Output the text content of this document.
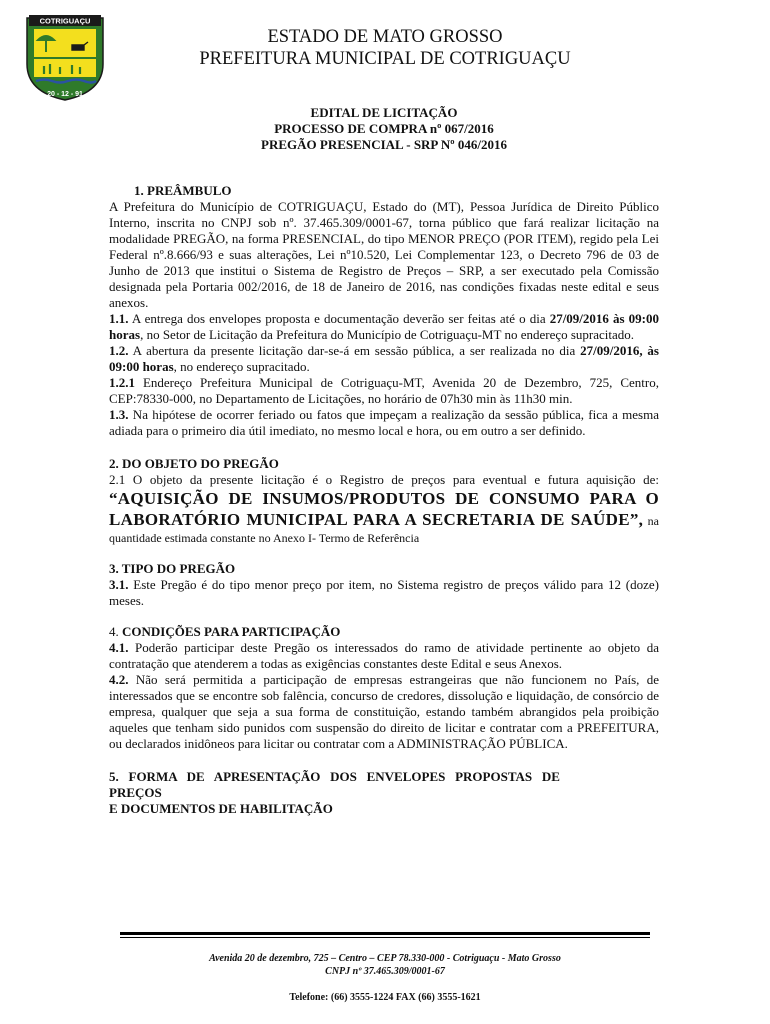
COTRIGUAÇU
20 - 12 - 91
ESTADO DE MATO GROSSO
PREFEITURA MUNICIPAL DE COTRIGUAÇU
EDITAL DE LICITAÇÃO
PROCESSO DE COMPRA nº 067/2016
PREGÃO PRESENCIAL - SRP Nº 046/2016

1. PREÂMBULO

A Prefeitura do Município de COTRIGUAÇU, Estado do (MT), Pessoa Jurídica de Direito Público Interno, inscrita no CNPJ sob nº. 37.465.309/0001-67, torna público que fará realizar licitação na modalidade PREGÃO, na forma PRESENCIAL, do tipo MENOR PREÇO (POR ITEM), regido pela Lei Federal nº.8.666/93 e suas alterações, Lei nº10.520, Lei Complementar 123, o Decreto 796 de 03 de Junho de 2013 que institui o Sistema de Registro de Preços – SRP, a ser executado pela Comissão designada pela Portaria 002/2016, de 18 de Janeiro de 2016, nas condições fixadas neste edital e seus anexos.

1.1. A entrega dos envelopes proposta e documentação deverão ser feitas até o dia 27/09/2016 às 09:00 horas, no Setor de Licitação da Prefeitura do Município de Cotriguaçu-MT no endereço supracitado.

1.2. A abertura da presente licitação dar-se-á em sessão pública, a ser realizada no dia 27/09/2016, às 09:00 horas, no endereço supracitado.

1.2.1 Endereço Prefeitura Municipal de Cotriguaçu-MT, Avenida 20 de Dezembro, 725, Centro, CEP:78330-000, no Departamento de Licitações, no horário de 07h30 min às 11h30 min.

1.3. Na hipótese de ocorrer feriado ou fatos que impeçam a realização da sessão pública, fica a mesma adiada para o primeiro dia útil imediato, no mesmo local e hora, ou em outro a ser definido.

2. DO OBJETO DO PREGÃO

2.1 O objeto da presente licitação é o Registro de preços para eventual e futura aquisição de: “AQUISIÇÃO DE INSUMOS/PRODUTOS DE CONSUMO PARA O LABORATÓRIO MUNICIPAL PARA A SECRETARIA DE SAÚDE”, na quantidade estimada constante no Anexo I- Termo de Referência

3. TIPO DO PREGÃO

3.1. Este Pregão é do tipo menor preço por item, no Sistema registro de preços válido para 12 (doze) meses.

4. CONDIÇÕES PARA PARTICIPAÇÃO

4.1. Poderão participar deste Pregão os interessados do ramo de atividade pertinente ao objeto da contratação que atenderem a todas as exigências constantes deste Edital e seus Anexos.

4.2. Não será permitida a participação de empresas estrangeiras que não funcionem no País, de interessados que se encontre sob falência, concurso de credores, dissolução e liquidação, de consórcio de empresa, qualquer que seja a sua forma de constituição, estando também abrangidos pela proibição aqueles que tenham sido punidos com suspensão do direito de licitar e contratar com a PREFEITURA, ou declarados inidôneos para licitar ou contratar com a ADMINISTRAÇÃO PÚBLICA.

5.   FORMA   DE   APRESENTAÇÃO   DOS   ENVELOPES   PROPOSTAS   DE

PREÇOS

E DOCUMENTOS DE HABILITAÇÃO

Avenida 20 de dezembro, 725 – Centro – CEP 78.330-000 - Cotriguaçu - Mato Grosso
CNPJ nº 37.465.309/0001-67
Telefone: (66) 3555-1224 FAX (66) 3555-1621
